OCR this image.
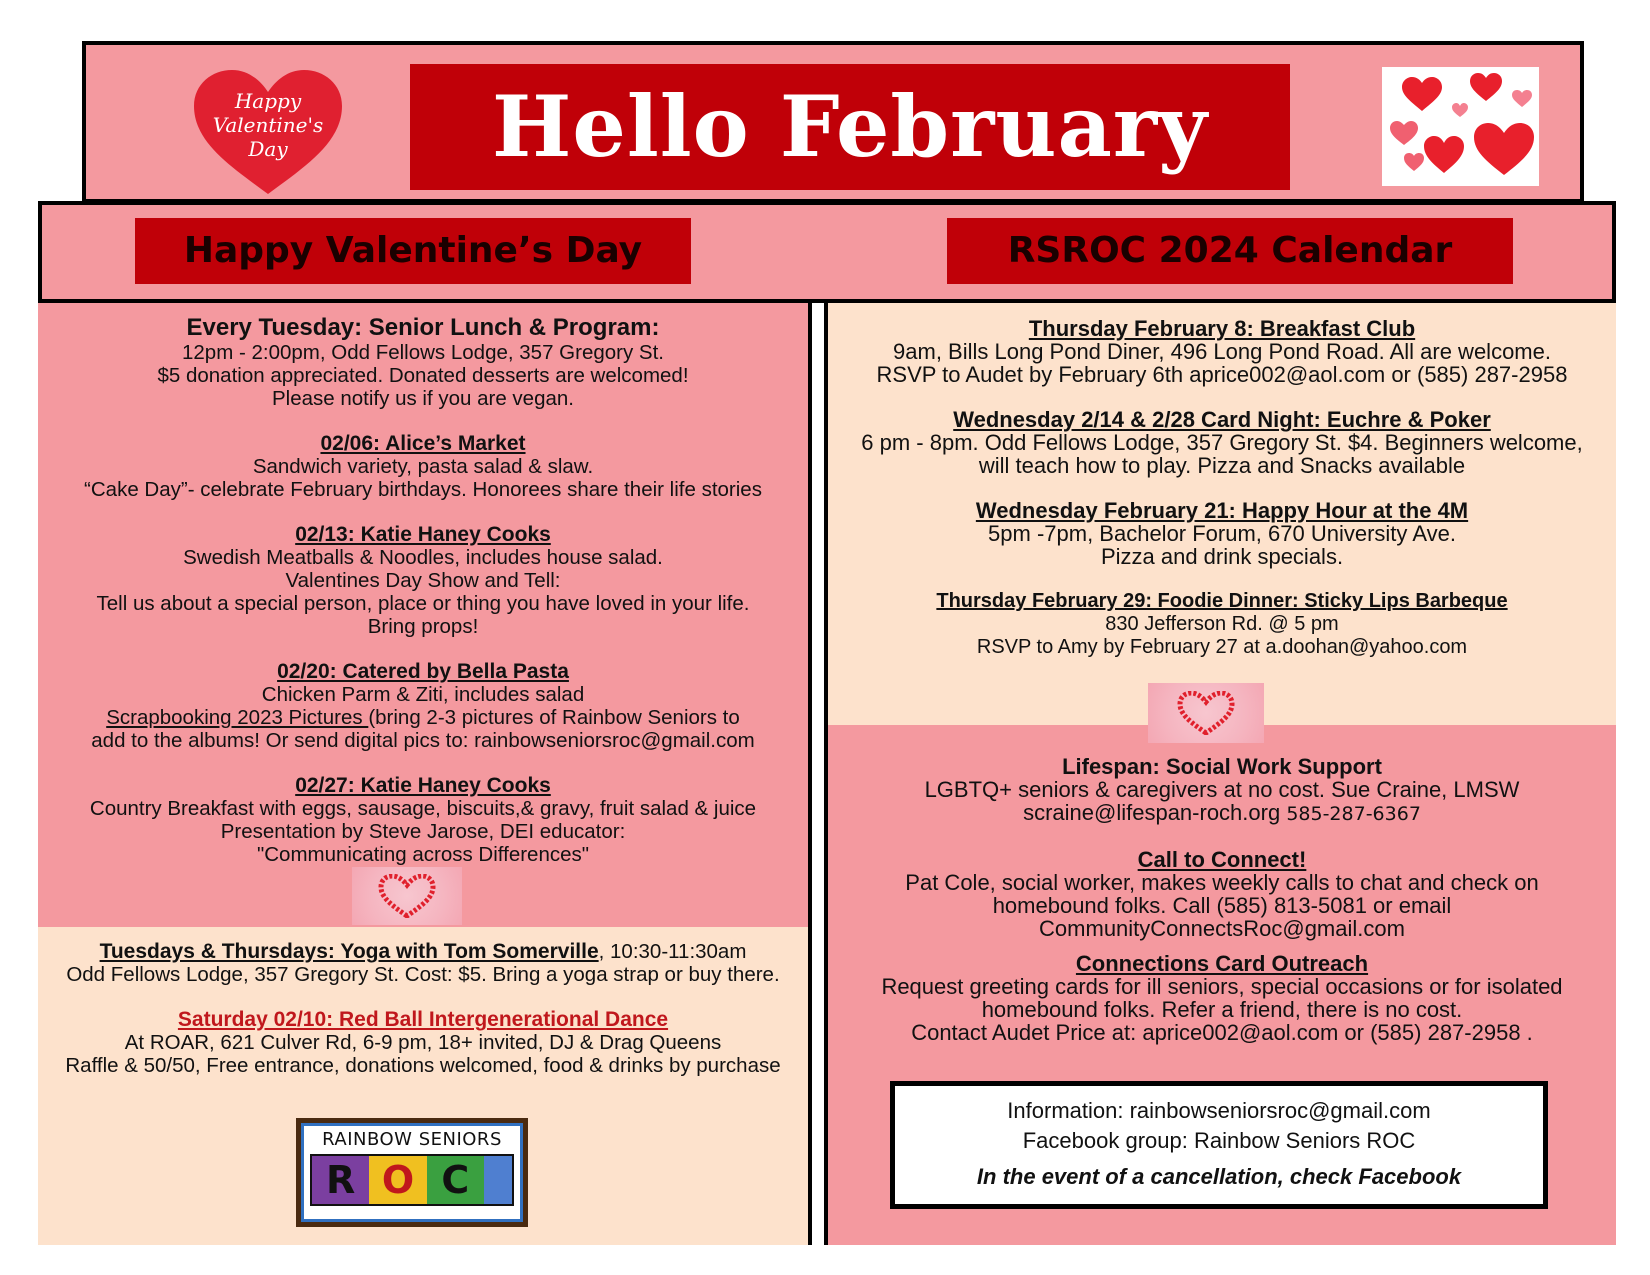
Happy
Valentine's
Day	Hello February
Happy Valentine’s Day	RSROC 2024 Calendar

Every Tuesday: Senior Lunch & Program:

12pm - 2:00pm, Odd Fellows Lodge, 357 Gregory St.

$5 donation appreciated. Donated desserts are welcomed!

Please notify us if you are vegan.

02/06: Alice’s Market

Sandwich variety, pasta salad & slaw.

“Cake Day”- celebrate February birthdays. Honorees share their life stories

02/13: Katie Haney Cooks

Swedish Meatballs & Noodles, includes house salad.

Valentines Day Show and Tell:

Tell us about a special person, place or thing you have loved in your life.

Bring props!

02/20: Catered by Bella Pasta

Chicken Parm & Ziti, includes salad

Scrapbooking 2023 Pictures (bring 2-3 pictures of Rainbow Seniors to

add to the albums! Or send digital pics to: rainbowseniorsroc@gmail.com

02/27: Katie Haney Cooks

Country Breakfast with eggs, sausage, biscuits,& gravy, fruit salad & juice

Presentation by Steve Jarose, DEI educator:

"Communicating across Differences"

Tuesdays & Thursdays: Yoga with Tom Somerville, 10:30-11:30am

Odd Fellows Lodge, 357 Gregory St. Cost: $5. Bring a yoga strap or buy there.

Saturday 02/10: Red Ball Intergenerational Dance

At ROAR, 621 Culver Rd, 6-9 pm, 18+ invited, DJ & Drag Queens

Raffle & 50/50, Free entrance, donations welcomed, food & drinks by purchase

RAINBOW SENIORS
R O C

Thursday February 8: Breakfast Club

9am, Bills Long Pond Diner, 496 Long Pond Road. All are welcome.

RSVP to Audet by February 6th aprice002@aol.com or (585) 287-2958

Wednesday 2/14 & 2/28 Card Night: Euchre & Poker

6 pm - 8pm. Odd Fellows Lodge, 357 Gregory St. $4. Beginners welcome,

will teach how to play. Pizza and Snacks available

Wednesday February 21: Happy Hour at the 4M

5pm -7pm, Bachelor Forum, 670 University Ave.

Pizza and drink specials.

Thursday February 29: Foodie Dinner: Sticky Lips Barbeque

830 Jefferson Rd. @ 5 pm

RSVP to Amy by February 27 at a.doohan@yahoo.com

Lifespan: Social Work Support

LGBTQ+ seniors & caregivers at no cost. Sue Craine, LMSW

scraine@lifespan-roch.org 585-287-6367

Call to Connect!

Pat Cole, social worker, makes weekly calls to chat and check on

homebound folks. Call (585) 813-5081 or email

CommunityConnectsRoc@gmail.com

Connections Card Outreach

Request greeting cards for ill seniors, special occasions or for isolated

homebound folks. Refer a friend, there is no cost.

Contact Audet Price at: aprice002@aol.com or (585) 287-2958 .

Information: rainbowseniorsroc@gmail.com
Facebook group: Rainbow Seniors ROC
In the event of a cancellation, check Facebook
